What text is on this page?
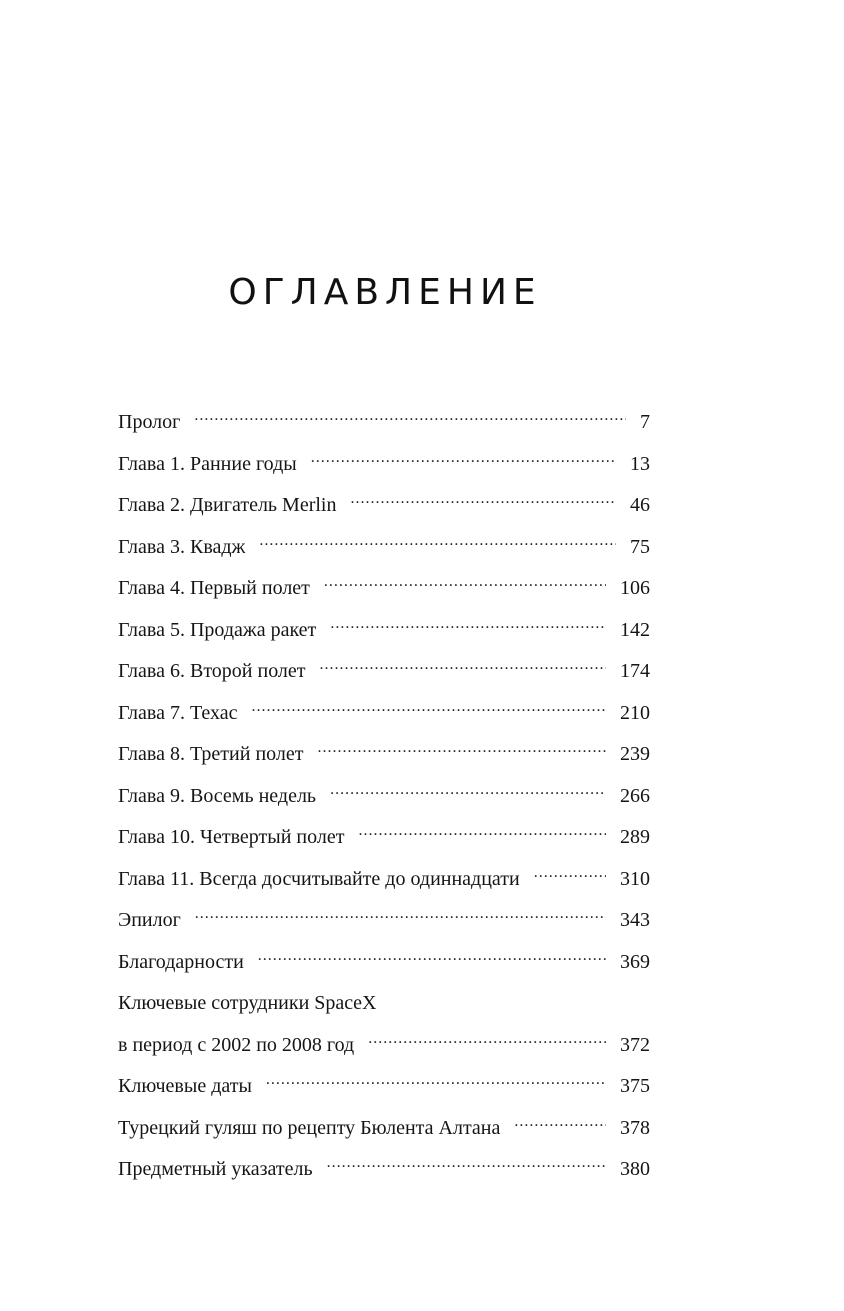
ОГЛАВЛЕНИЕ
Пролог .....	7
Глава 1. Ранние годы .....	13
Глава 2. Двигатель Merlin .....	46
Глава 3. Квадж .....	75
Глава 4. Первый полет .....	106
Глава 5. Продажа ракет .....	142
Глава 6. Второй полет .....	174
Глава 7. Техас .....	210
Глава 8. Третий полет .....	239
Глава 9. Восемь недель .....	266
Глава 10. Четвертый полет .....	289
Глава 11. Всегда досчитывайте до одиннадцати .....	310
Эпилог .....	343
Благодарности .....	369
Ключевые сотрудники SpaceX
в период с 2002 по 2008 год .....	372
Ключевые даты .....	375
Турецкий гуляш по рецепту Бюлента Алтана .....	378
Предметный указатель .....	380
